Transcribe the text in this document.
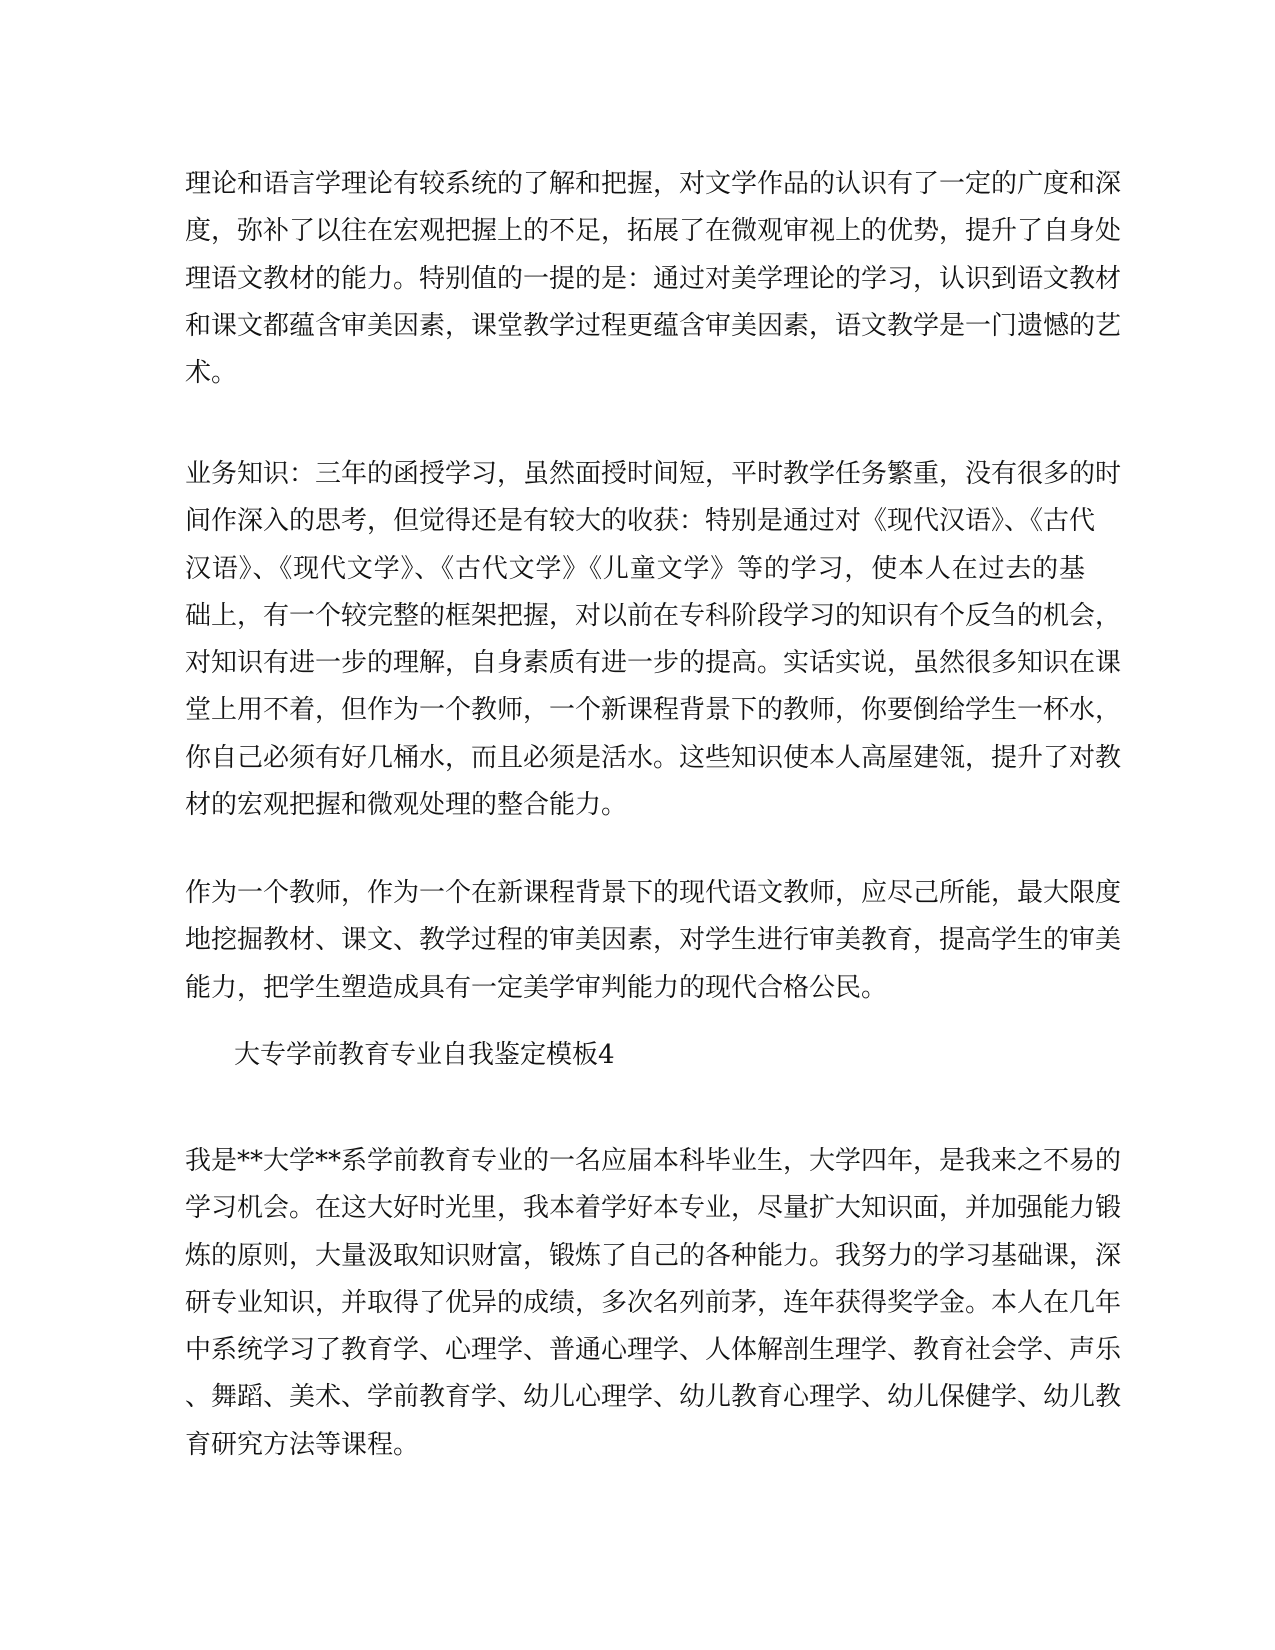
理论和语言学理论有较系统的了解和把握，对文学作品的认识有了一定的广度和深
度，弥补了以往在宏观把握上的不足，拓展了在微观审视上的优势，提升了自身处
理语文教材的能力。特别值的一提的是：通过对美学理论的学习，认识到语文教材
和课文都蕴含审美因素，课堂教学过程更蕴含审美因素，语文教学是一门遗憾的艺
术。
业务知识：三年的函授学习，虽然面授时间短，平时教学任务繁重，没有很多的时
间作深入的思考，但觉得还是有较大的收获：特别是通过对《现代汉语》、《古代
汉语》、《现代文学》、《古代文学》《儿童文学》等的学习，使本人在过去的基
础上，有一个较完整的框架把握，对以前在专科阶段学习的知识有个反刍的机会，
对知识有进一步的理解，自身素质有进一步的提高。实话实说，虽然很多知识在课
堂上用不着，但作为一个教师，一个新课程背景下的教师，你要倒给学生一杯水，
你自己必须有好几桶水，而且必须是活水。这些知识使本人高屋建瓴，提升了对教
材的宏观把握和微观处理的整合能力。
作为一个教师，作为一个在新课程背景下的现代语文教师，应尽己所能，最大限度
地挖掘教材、课文、教学过程的审美因素，对学生进行审美教育，提高学生的审美
能力，把学生塑造成具有一定美学审判能力的现代合格公民。
大专学前教育专业自我鉴定模板4
我是**大学**系学前教育专业的一名应届本科毕业生，大学四年，是我来之不易的
学习机会。在这大好时光里，我本着学好本专业，尽量扩大知识面，并加强能力锻
炼的原则，大量汲取知识财富，锻炼了自己的各种能力。我努力的学习基础课，深
研专业知识，并取得了优异的成绩，多次名列前茅，连年获得奖学金。本人在几年
中系统学习了教育学、心理学、普通心理学、人体解剖生理学、教育社会学、声乐
、舞蹈、美术、学前教育学、幼儿心理学、幼儿教育心理学、幼儿保健学、幼儿教
育研究方法等课程。
